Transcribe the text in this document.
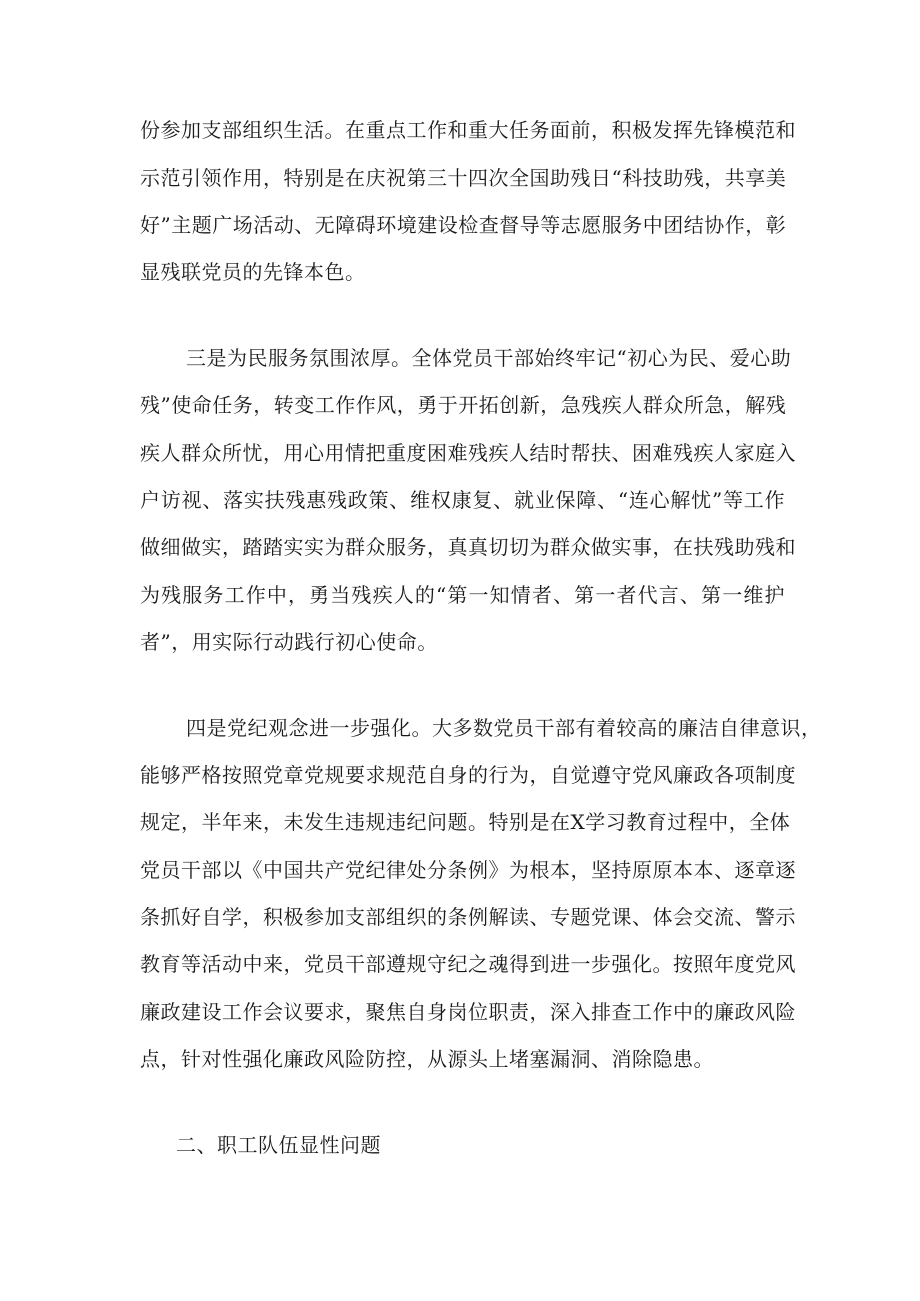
份参加支部组织生活。在重点工作和重大任务面前，积极发挥先锋模范和
示范引领作用，特别是在庆祝第三十四次全国助残日“科技助残，共享美
好”主题广场活动、无障碍环境建设检查督导等志愿服务中团结协作，彰
显残联党员的先锋本色。
三是为民服务氛围浓厚。全体党员干部始终牢记“初心为民、爱心助
残”使命任务，转变工作作风，勇于开拓创新，急残疾人群众所急，解残
疾人群众所忧，用心用情把重度困难残疾人结时帮扶、困难残疾人家庭入
户访视、落实扶残惠残政策、维权康复、就业保障、“连心解忧”等工作
做细做实，踏踏实实为群众服务，真真切切为群众做实事，在扶残助残和
为残服务工作中，勇当残疾人的“第一知情者、第一者代言、第一维护
者”，用实际行动践行初心使命。
四是党纪观念进一步强化。大多数党员干部有着较高的廉洁自律意识，
能够严格按照党章党规要求规范自身的行为，自觉遵守党风廉政各项制度
规定，半年来，未发生违规违纪问题。特别是在X学习教育过程中，全体
党员干部以《中国共产党纪律处分条例》为根本，坚持原原本本、逐章逐
条抓好自学，积极参加支部组织的条例解读、专题党课、体会交流、警示
教育等活动中来，党员干部遵规守纪之魂得到进一步强化。按照年度党风
廉政建设工作会议要求，聚焦自身岗位职责，深入排查工作中的廉政风险
点，针对性强化廉政风险防控，从源头上堵塞漏洞、消除隐患。
二、职工队伍显性问题
